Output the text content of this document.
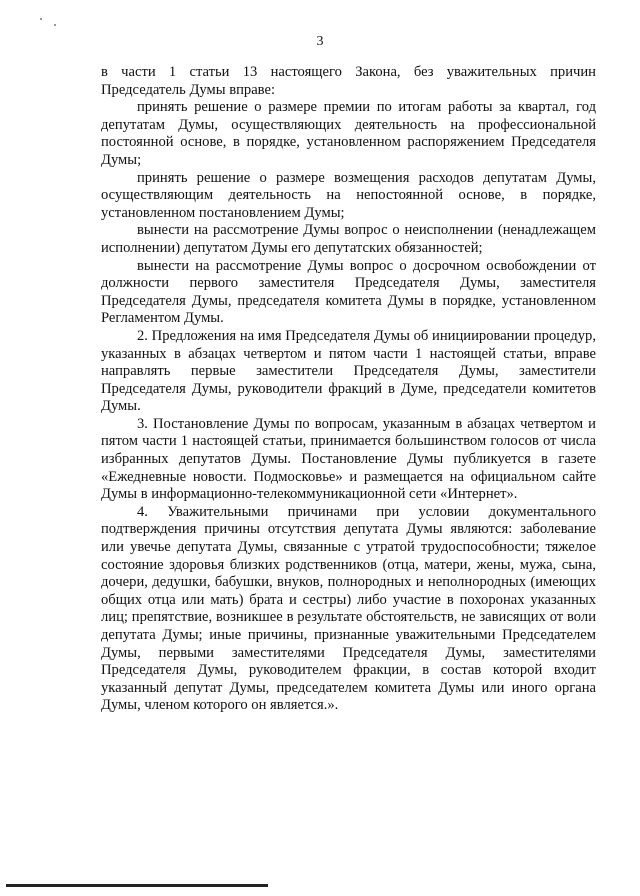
3

в части 1 статьи 13 настоящего Закона, без уважительных причин Председатель Думы вправе:

принять решение о размере премии по итогам работы за квартал, год депутатам Думы, осуществляющих деятельность на профессиональной постоянной основе, в порядке, установленном распоряжением Председателя Думы;

принять решение о размере возмещения расходов депутатам Думы, осуществляющим деятельность на непостоянной основе, в порядке, установленном постановлением Думы;

вынести на рассмотрение Думы вопрос о неисполнении (ненадлежащем исполнении) депутатом Думы его депутатских обязанностей;

вынести на рассмотрение Думы вопрос о досрочном освобождении от должности первого заместителя Председателя Думы, заместителя Председателя Думы, председателя комитета Думы в порядке, установленном Регламентом Думы.

2. Предложения на имя Председателя Думы об инициировании процедур, указанных в абзацах четвертом и пятом части 1 настоящей статьи, вправе направлять первые заместители Председателя Думы, заместители Председателя Думы, руководители фракций в Думе, председатели комитетов Думы.

3. Постановление Думы по вопросам, указанным в абзацах четвертом и пятом части 1 настоящей статьи, принимается большинством голосов от числа избранных депутатов Думы. Постановление Думы публикуется в газете «Ежедневные новости. Подмосковье» и размещается на официальном сайте Думы в информационно-телекоммуникационной сети «Интернет».

4. Уважительными причинами при условии документального подтверждения причины отсутствия депутата Думы являются: заболевание или увечье депутата Думы, связанные с утратой трудоспособности; тяжелое состояние здоровья близких родственников (отца, матери, жены, мужа, сына, дочери, дедушки, бабушки, внуков, полнородных и неполнородных (имеющих общих отца или мать) брата и сестры) либо участие в похоронах указанных лиц; препятствие, возникшее в результате обстоятельств, не зависящих от воли депутата Думы; иные причины, признанные уважительными Председателем Думы, первыми заместителями Председателя Думы, заместителями Председателя Думы, руководителем фракции, в состав которой входит указанный депутат Думы, председателем комитета Думы или иного органа Думы, членом которого он является.».
